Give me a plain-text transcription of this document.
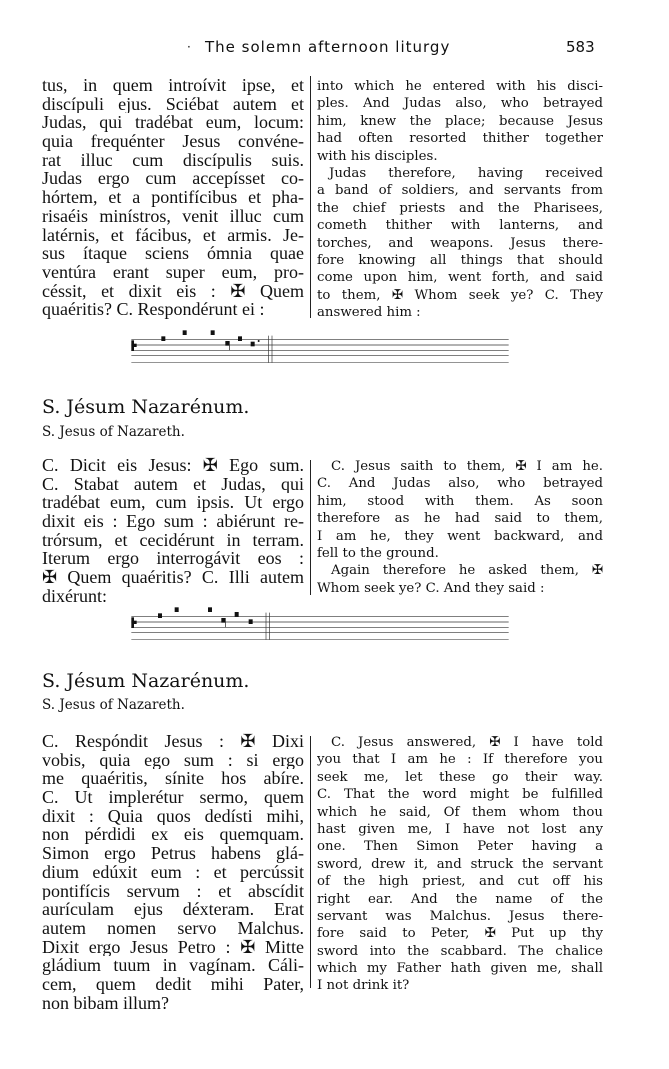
· The solemn afternoon liturgy	583
tus, in quem introívit ipse, et
discípuli ejus. Sciébat autem et
Judas, qui tradébat eum, locum:
quia frequénter Jesus convéne-
rat illuc cum discípulis suis.
Judas ergo cum accepísset co-
hórtem, et a pontifícibus et pha-
risaéis minístros, venit illuc cum
latérnis, et fácibus, et armis. Je-
sus ítaque sciens ómnia quae
ventúra erant super eum, pro-
céssit, et dixit eis : ✠ Quem
quaéritis? C. Respondérunt ei :
into which he entered with his disci-
ples. And Judas also, who betrayed
him, knew the place; because Jesus
had often resorted thither together
with his disciples.
Judas therefore, having received
a band of soldiers, and servants from
the chief priests and the Pharisees,
cometh thither with lanterns, and
torches, and weapons. Jesus there-
fore knowing all things that should
come upon him, went forth, and said
to them, ✠ Whom seek ye? C. They
answered him :
S. Jésum Nazarénum.
S. Jesus of Nazareth.
C. Dicit eis Jesus: ✠ Ego sum.
C. Stabat autem et Judas, qui
tradébat eum, cum ipsis. Ut ergo
dixit eis : Ego sum : abiérunt re-
trórsum, et cecidérunt in terram.
Iterum ergo interrogávit eos :
✠ Quem quaéritis? C. Illi autem
dixérunt:
C. Jesus saith to them, ✠ I am he.
C. And Judas also, who betrayed
him, stood with them. As soon
therefore as he had said to them,
I am he, they went backward, and
fell to the ground.
Again therefore he asked them, ✠
Whom seek ye? C. And they said :
S. Jésum Nazarénum.
S. Jesus of Nazareth.
C. Respóndit Jesus : ✠ Dixi
vobis, quia ego sum : si ergo
me quaéritis, sínite hos abíre.
C. Ut implerétur sermo, quem
dixit : Quia quos dedísti mihi,
non pérdidi ex eis quemquam.
Simon ergo Petrus habens glá-
dium edúxit eum : et percússit
pontifícis servum : et abscídit
aurículam ejus déxteram. Erat
autem nomen servo Malchus.
Dixit ergo Jesus Petro : ✠ Mitte
gládium tuum in vagínam. Cáli-
cem, quem dedit mihi Pater,
non bibam illum?
C. Jesus answered, ✠ I have told
you that I am he : If therefore you
seek me, let these go their way.
C. That the word might be fulfilled
which he said, Of them whom thou
hast given me, I have not lost any
one. Then Simon Peter having a
sword, drew it, and struck the servant
of the high priest, and cut off his
right ear. And the name of the
servant was Malchus. Jesus there-
fore said to Peter, ✠ Put up thy
sword into the scabbard. The chalice
which my Father hath given me, shall
I not drink it?
